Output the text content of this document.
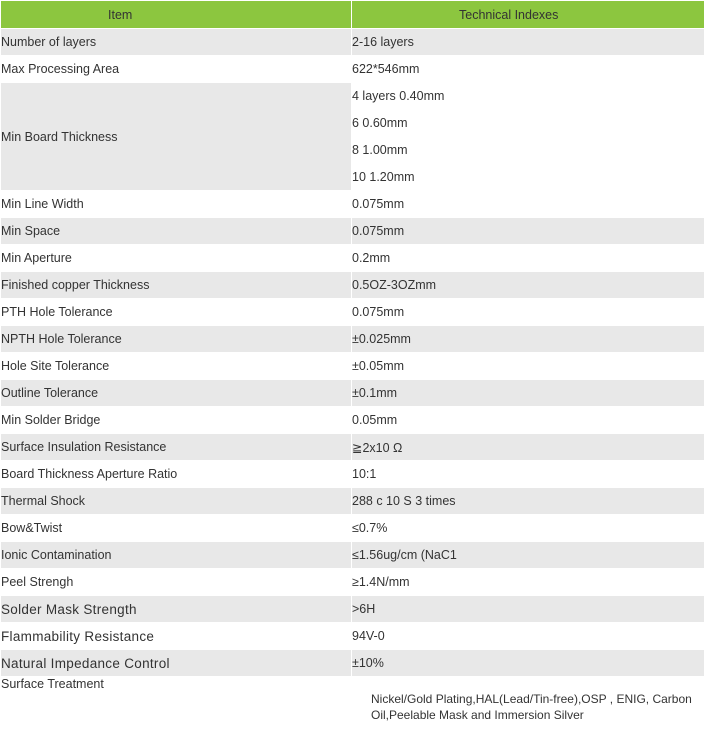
Item	Technical Indexes
Number of layers	2-16 layers
Max Processing Area	622*546mm
Min Board Thickness	4 layers 0.40mm
	6 0.60mm
	8 1.00mm
	10 1.20mm
Min Line Width	0.075mm
Min Space	0.075mm
Min Aperture	0.2mm
Finished copper Thickness	0.5OZ-3OZmm
PTH Hole Tolerance	0.075mm
NPTH Hole Tolerance	±0.025mm
Hole Site Tolerance	±0.05mm
Outline Tolerance	±0.1mm
Min Solder Bridge	0.05mm
Surface Insulation Resistance	≧2x10 Ω
Board Thickness Aperture Ratio	10:1
Thermal Shock	288 c 10 S 3 times
Bow&Twist	≤0.7%
Ionic Contamination	≤1.56ug/cm (NaC1
Peel Strengh	≥1.4N/mm
Solder Mask Strength	>6H
Flammability Resistance	94V-0
Natural Impedance Control	±10%
Surface Treatment	Nickel/Gold Plating,HAL(Lead/Tin-free),OSP , ENIG, Carbon Oil,Peelable Mask and Immersion Silver
